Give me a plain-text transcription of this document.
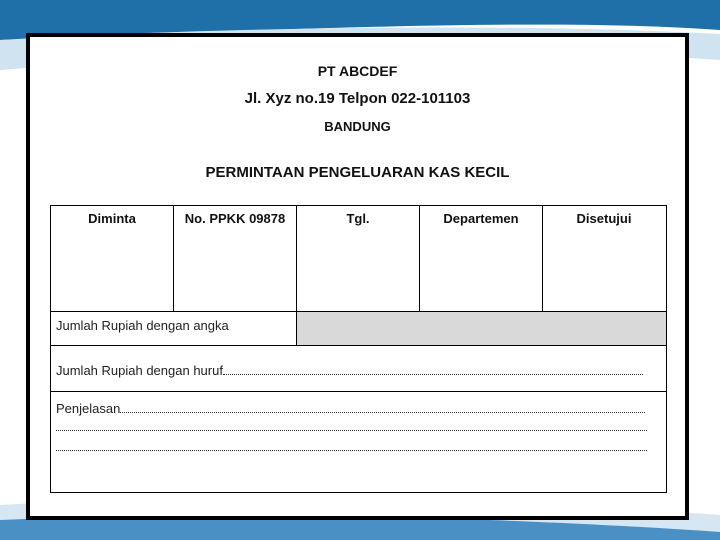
PT ABCDEF
Jl. Xyz no.19 Telpon 022-101103
BANDUNG
PERMINTAAN PENGELUARAN KAS KECIL
Diminta	No. PPKK 09878	Tgl.	Departemen	Disetujui
Jumlah Rupiah dengan angka
Jumlah Rupiah dengan huruf
Penjelasan
